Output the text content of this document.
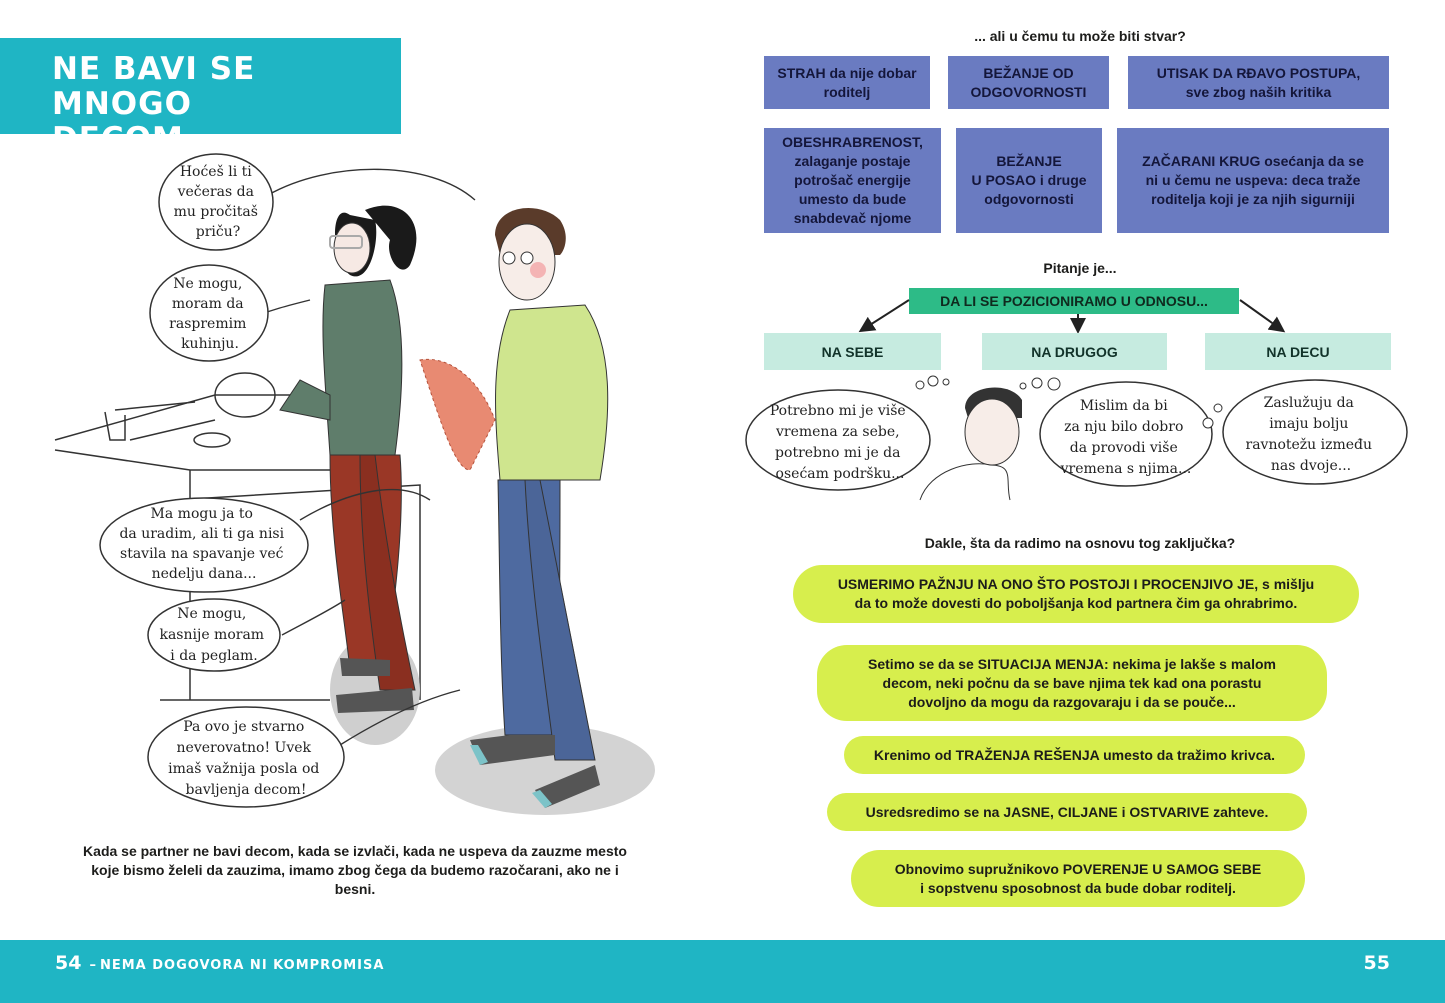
NE BAVI SE MNOGO
DECOM
Hoćeš li ti večeras da mu pročitaš priču?
Ne mogu, moram da raspremim kuhinju.
Ma mogu ja to da uradim, ali ti ga nisi stavila na spavanje već nedelju dana...
Ne mogu, kasnije moram i da peglam.
Pa ovo je stvarno neverovatno! Uvek imaš važnija posla od bavljenja decom!
Kada se partner ne bavi decom, kada se izvlači, kada ne uspeva da zauzme mesto koje bismo želeli da zauzima, imamo zbog čega da budemo razočarani, ako ne i besni.
... ali u čemu tu može biti stvar?
STRAH da nije dobar
roditelj
BEŽANJE OD
ODGOVORNOSTI
UTISAK DA RĐAVO POSTUPA,
sve zbog naših kritika
OBESHRABRENOST,
zalaganje postaje
potrošač energije
umesto da bude
snabdevač njome
BEŽANJE
U POSAO i druge
odgovornosti
ZAČARANI KRUG osećanja da se
ni u čemu ne uspeva: deca traže
roditelja koji je za njih sigurniji
Pitanje je...
DA LI SE POZICIONIRAMO U ODNOSU...
NA SEBE	NA DRUGOG	NA DECU
Potrebno mi je više vremena za sebe, potrebno mi je da osećam podršku...
Mislim da bi za nju bilo dobro da provodi više vremena s njima...
Zaslužuju da imaju bolju ravnotežu između nas dvoje...
Dakle, šta da radimo na osnovu tog zaključka?
USMERIMO PAŽNJU NA ONO ŠTO POSTOJI I PROCENJIVO JE, s mišlju
da to može dovesti do poboljšanja kod partnera čim ga ohrabrimo.
Setimo se da se SITUACIJA MENJA: nekima je lakše s malom
decom, neki počnu da se bave njima tek kad ona porastu
dovoljno da mogu da razgovaraju i da se pouče...
Krenimo od TRAŽENJA REŠENJA umesto da tražimo krivca.
Usredsredimo se na JASNE, CILJANE i OSTVARIVE zahteve.
Obnovimo supružnikovo POVERENJE U SAMOG SEBE
i sopstvenu sposobnost da bude dobar roditelj.
54 – NEMA DOGOVORA NI KOMPROMISA	55
